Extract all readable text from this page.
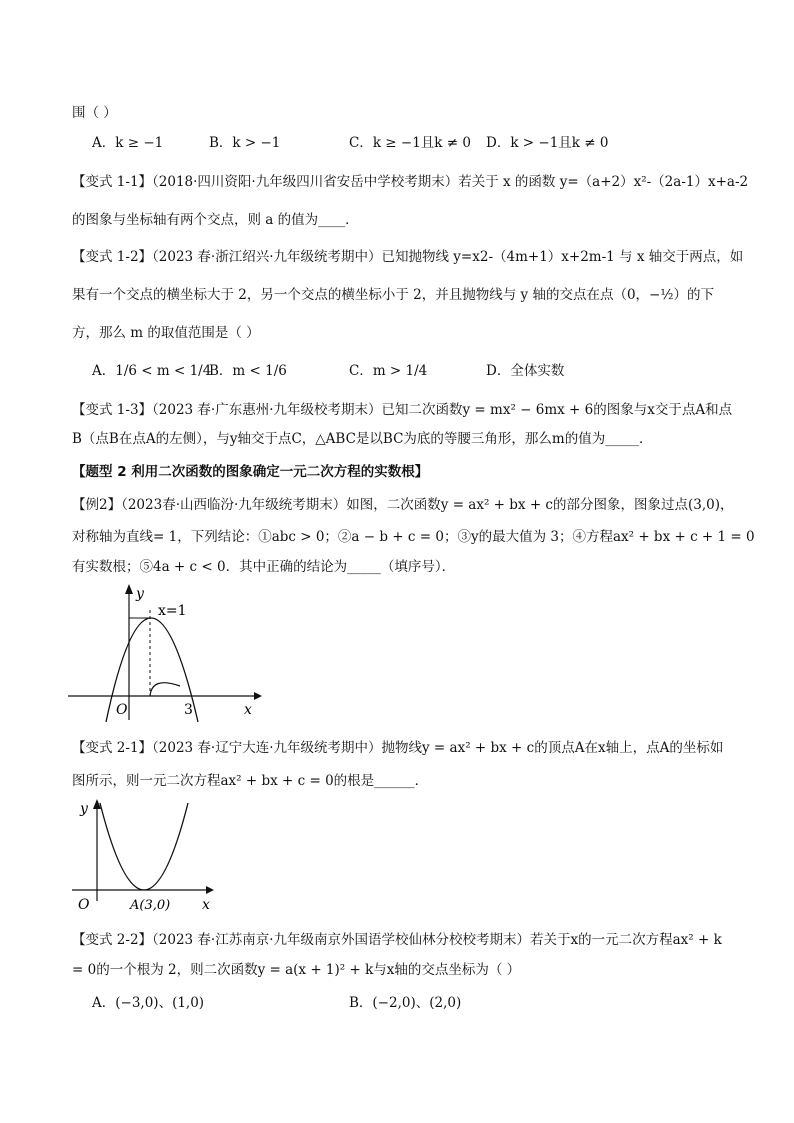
围（ ）
A．k ≥ −1	B．k > −1	C．k ≥ −1且k ≠ 0 D．k > −1且k ≠ 0
【变式 1-1】（2018·四川资阳·九年级四川省安岳中学校考期末）若关于 x 的函数 y=（a+2）x²-（2a-1）x+a-2
的图象与坐标轴有两个交点，则 a 的值为____．
【变式 1-2】（2023 春·浙江绍兴·九年级统考期中）已知抛物线 y=x2-（4m+1）x+2m-1 与 x 轴交于两点，如
果有一个交点的横坐标大于 2，另一个交点的横坐标小于 2，并且抛物线与 y 轴的交点在点（0，−½）的下
方，那么 m 的取值范围是（ ）
A．1/6 < m < 1/4
B．m < 1/6	C．m > 1/4	D．全体实数
【变式 1-3】（2023 春·广东惠州·九年级校考期末）已知二次函数y = mx² − 6mx + 6的图象与x交于点A和点
B（点B在点A的左侧），与y轴交于点C，△ABC是以BC为底的等腰三角形，那么m的值为_____．
【题型 2 利用二次函数的图象确定一元二次方程的实数根】
【例2】（2023春·山西临汾·九年级统考期末）如图，二次函数y = ax² + bx + c的部分图象，图象过点(3,0)，
对称轴为直线= 1，下列结论：①abc > 0；②a − b + c = 0；③y的最大值为 3；④方程ax² + bx + c + 1 = 0
有实数根；⑤4a + c < 0．其中正确的结论为_____（填序号）．
y
x=1
O	3	x
【变式 2-1】（2023 春·辽宁大连·九年级统考期中）抛物线y = ax² + bx + c的顶点A在x轴上，点A的坐标如
图所示，则一元二次方程ax² + bx + c = 0的根是______．
y
O	A(3,0) x
【变式 2-2】（2023 春·江苏南京·九年级南京外国语学校仙林分校校考期末）若关于x的一元二次方程ax² + k
= 0的一个根为 2，则二次函数y = a(x + 1)² + k与x轴的交点坐标为（ ）
A．(−3,0)、(1,0)	B．(−2,0)、(2,0)
